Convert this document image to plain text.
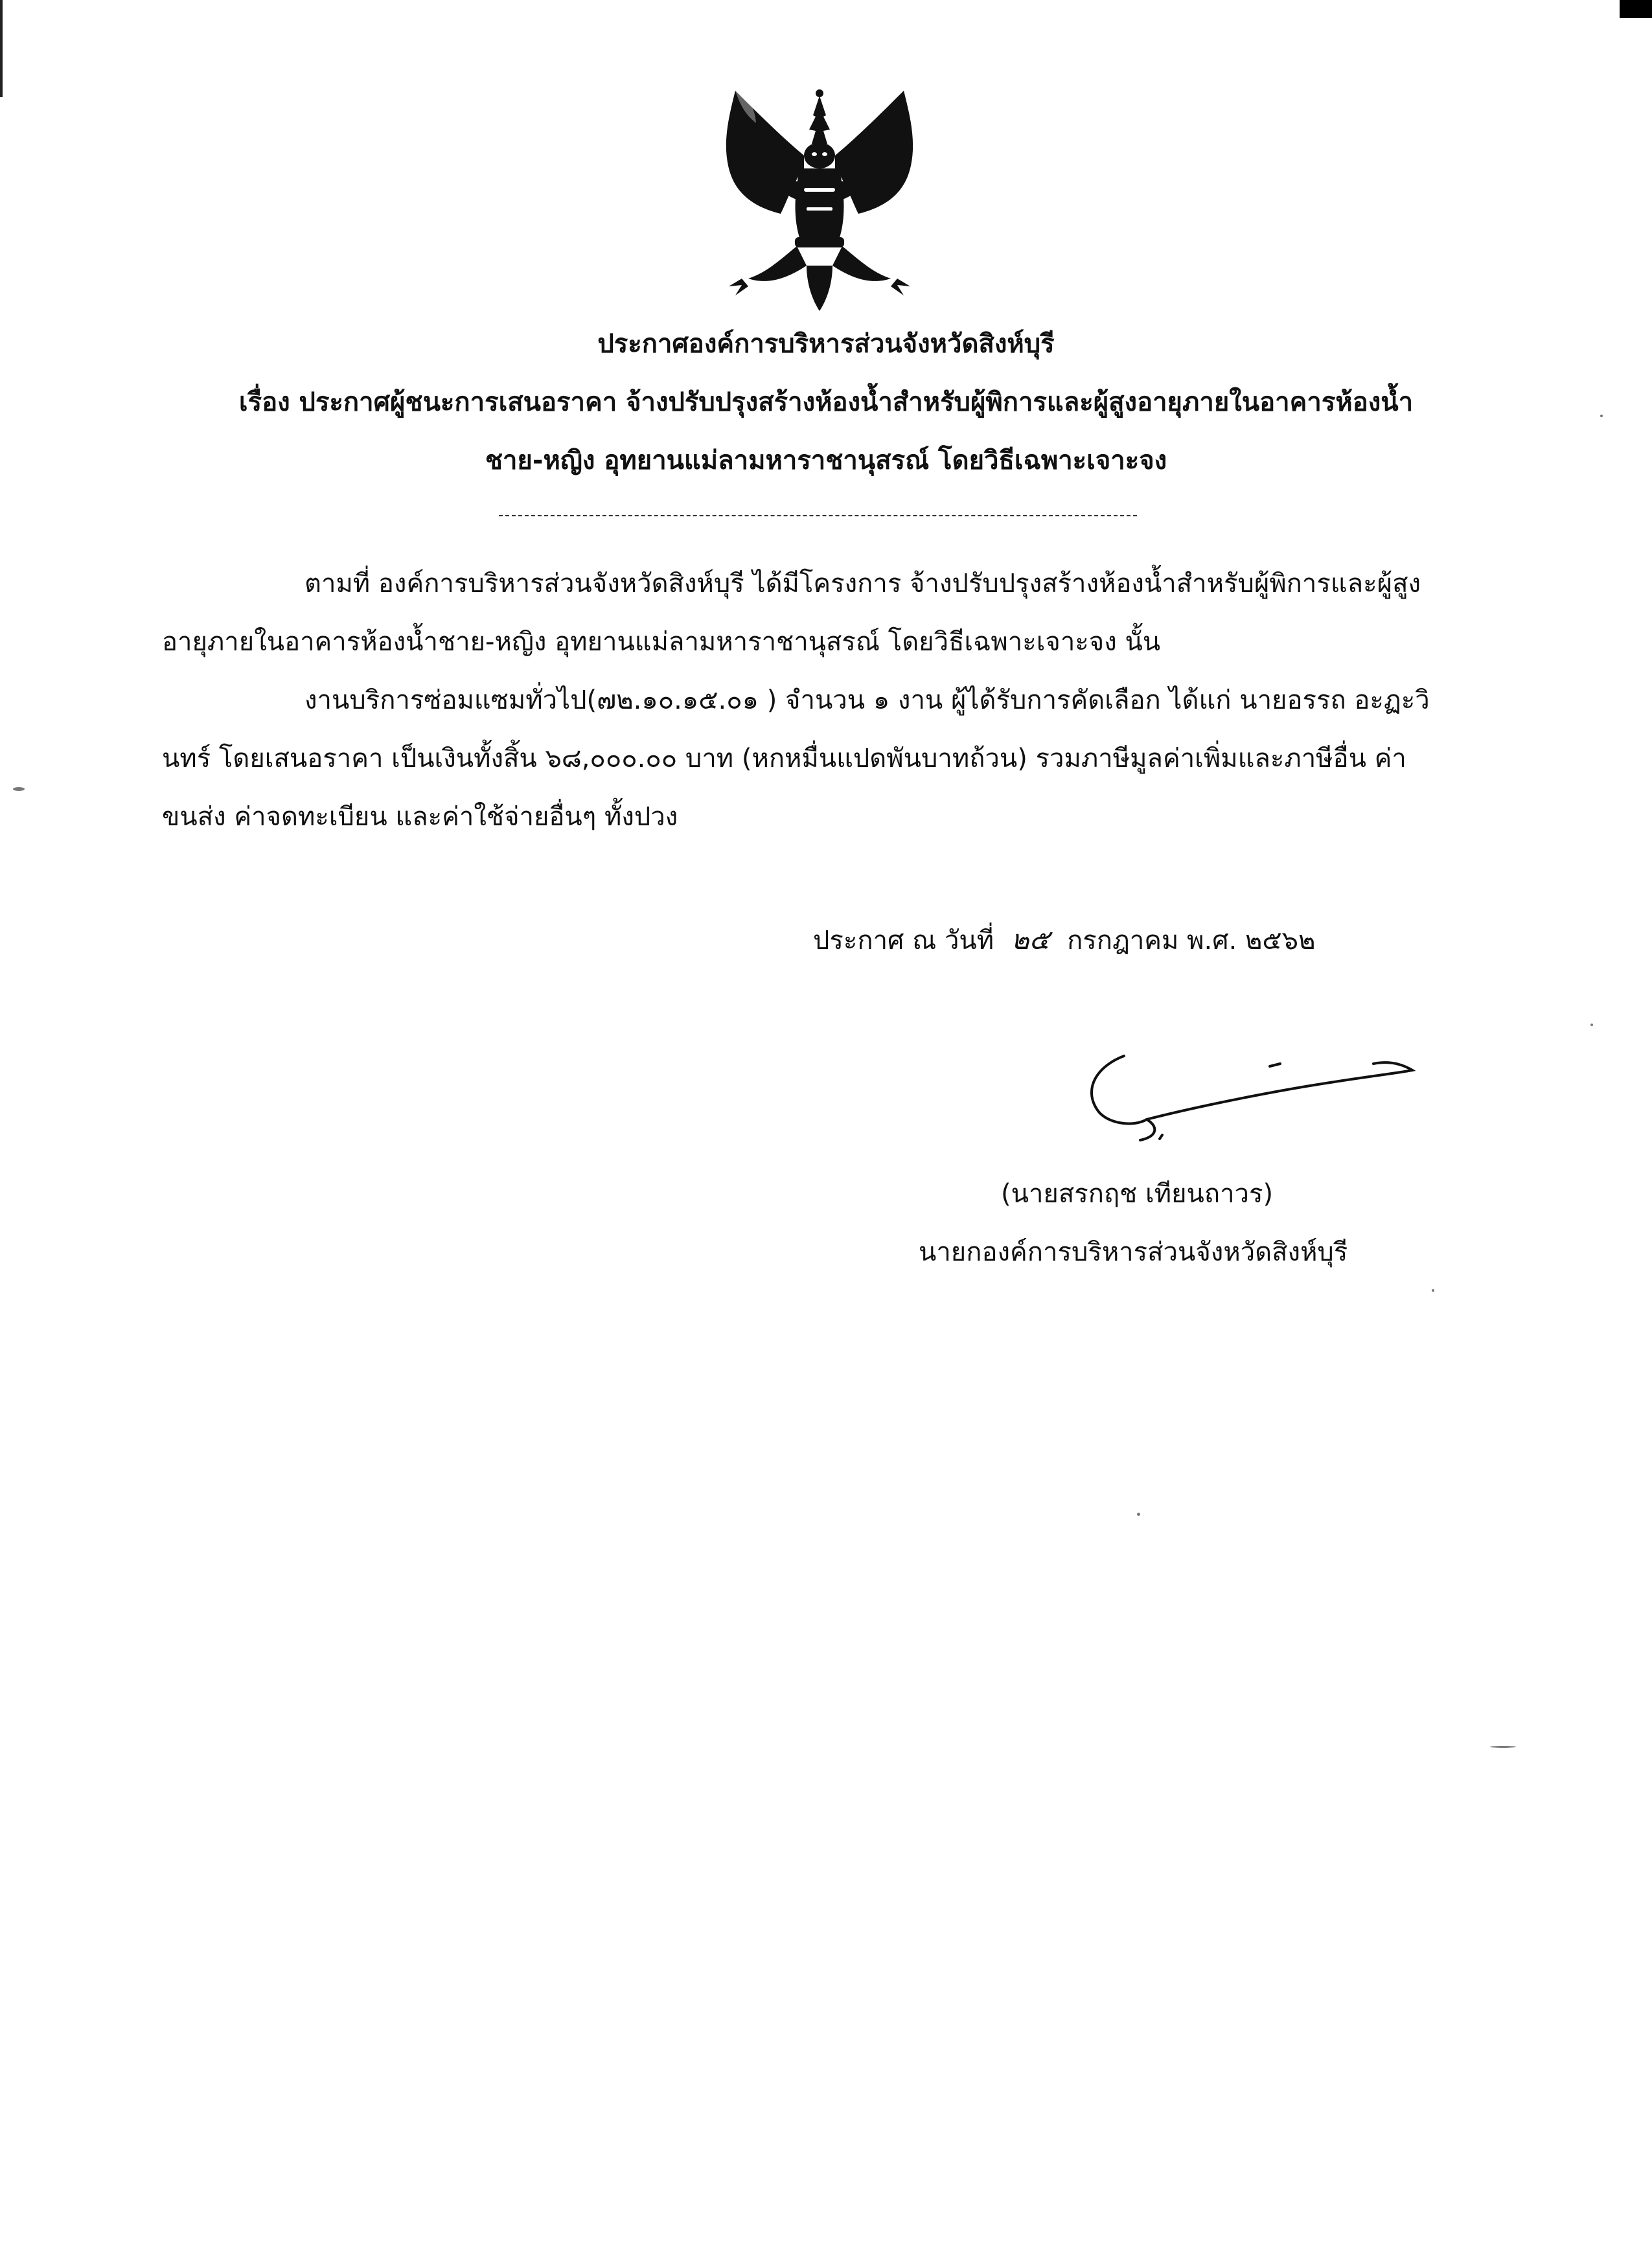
ประกาศองค์การบริหารส่วนจังหวัดสิงห์บุรี
เรื่อง ประกาศผู้ชนะการเสนอราคา จ้างปรับปรุงสร้างห้องน้ำสำหรับผู้พิการและผู้สูงอายุภายในอาคารห้องน้ำ
ชาย-หญิง อุทยานแม่ลามหาราชานุสรณ์ โดยวิธีเฉพาะเจาะจง
ตามที่ องค์การบริหารส่วนจังหวัดสิงห์บุรี ได้มีโครงการ จ้างปรับปรุงสร้างห้องน้ำสำหรับผู้พิการและผู้สูง
อายุภายในอาคารห้องน้ำชาย-หญิง อุทยานแม่ลามหาราชานุสรณ์ โดยวิธีเฉพาะเจาะจง นั้น
งานบริการซ่อมแซมทั่วไป(๗๒.๑๐.๑๕.๐๑ ) จำนวน ๑ งาน ผู้ได้รับการคัดเลือก ได้แก่ นายอรรถ อะฏะวิ
นทร์ โดยเสนอราคา เป็นเงินทั้งสิ้น ๖๘,๐๐๐.๐๐ บาท (หกหมื่นแปดพันบาทถ้วน) รวมภาษีมูลค่าเพิ่มและภาษีอื่น ค่า
ขนส่ง ค่าจดทะเบียน และค่าใช้จ่ายอื่นๆ ทั้งปวง
ประกาศ ณ วันที่ ๒๕ กรกฎาคม พ.ศ. ๒๕๖๒
(นายสรกฤช เทียนถาวร)
นายกองค์การบริหารส่วนจังหวัดสิงห์บุรี
